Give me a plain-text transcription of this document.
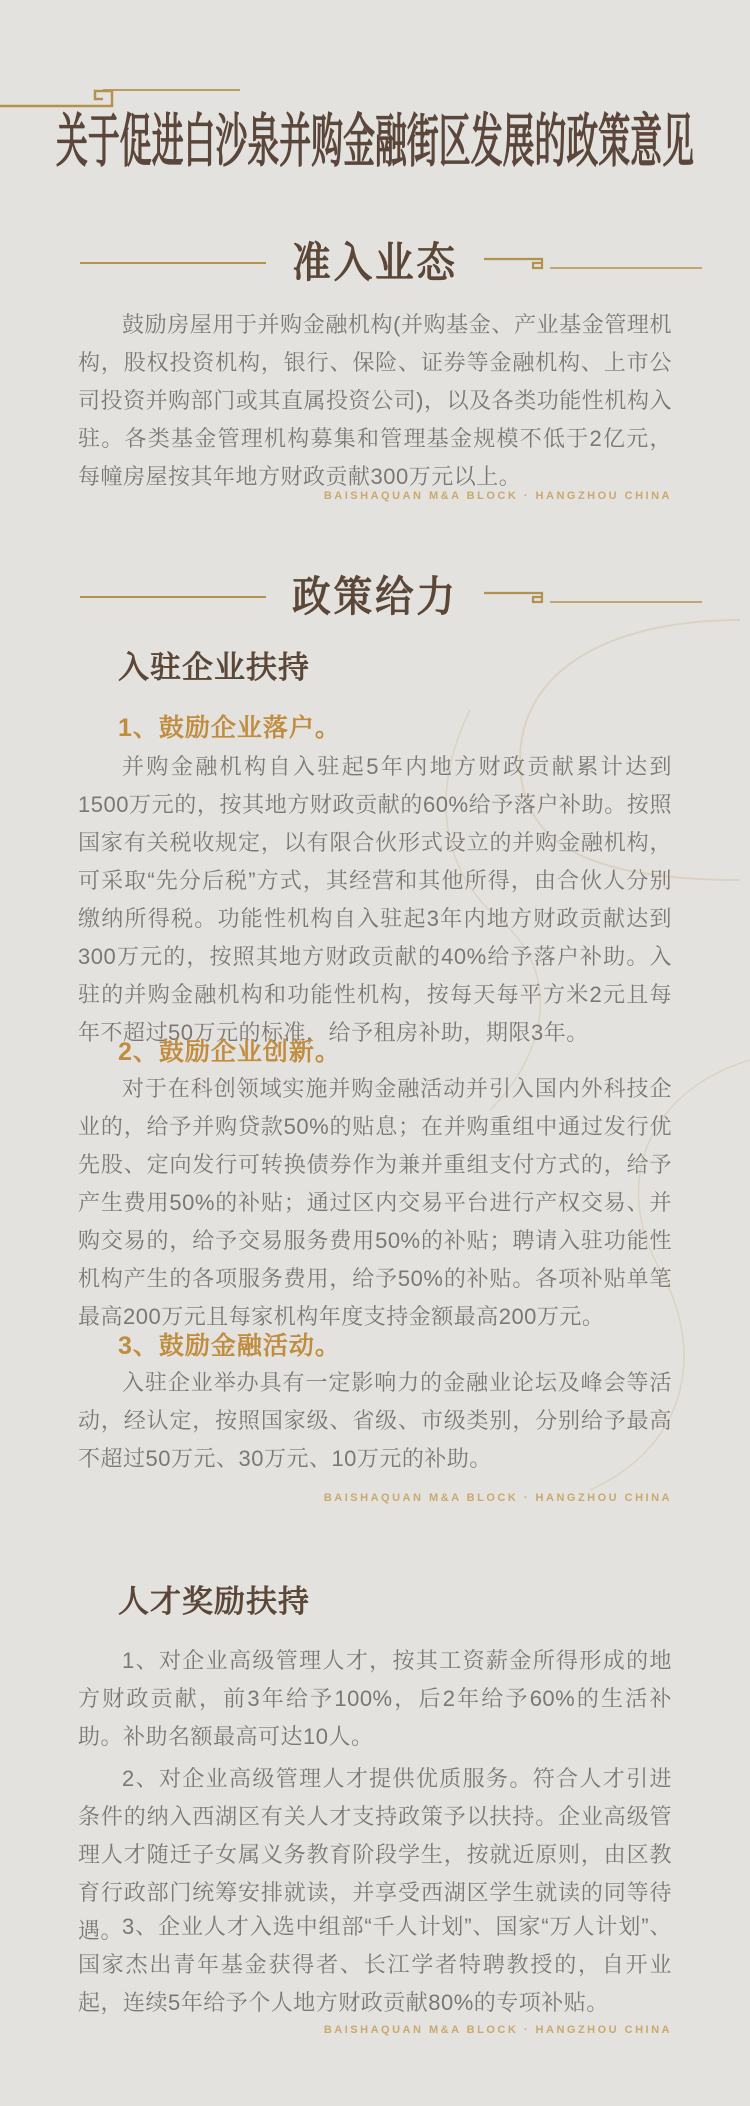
关于促进白沙泉并购金融街区发展的政策意见
准入业态

鼓励房屋用于并购金融机构(并购基金、产业基金管理机构，股权投资机构，银行、保险、证券等金融机构、上市公司投资并购部门或其直属投资公司)，以及各类功能性机构入驻。各类基金管理机构募集和管理基金规模不低于2亿元，每幢房屋按其年地方财政贡献300万元以上。

BAISHAQUAN M&A BLOCK · HANGZHOU CHINA
政策给力
入驻企业扶持
1、鼓励企业落户。

并购金融机构自入驻起5年内地方财政贡献累计达到1500万元的，按其地方财政贡献的60%给予落户补助。按照国家有关税收规定，以有限合伙形式设立的并购金融机构，可采取“先分后税”方式，其经营和其他所得，由合伙人分别缴纳所得税。功能性机构自入驻起3年内地方财政贡献达到300万元的，按照其地方财政贡献的40%给予落户补助。入驻的并购金融机构和功能性机构，按每天每平方米2元且每年不超过50万元的标准，给予租房补助，期限3年。

2、鼓励企业创新。

对于在科创领域实施并购金融活动并引入国内外科技企业的，给予并购贷款50%的贴息；在并购重组中通过发行优先股、定向发行可转换债券作为兼并重组支付方式的，给予产生费用50%的补贴；通过区内交易平台进行产权交易、并购交易的，给予交易服务费用50%的补贴；聘请入驻功能性机构产生的各项服务费用，给予50%的补贴。各项补贴单笔最高200万元且每家机构年度支持金额最高200万元。

3、鼓励金融活动。

入驻企业举办具有一定影响力的金融业论坛及峰会等活动，经认定，按照国家级、省级、市级类别，分别给予最高不超过50万元、30万元、10万元的补助。

BAISHAQUAN M&A BLOCK · HANGZHOU CHINA
人才奖励扶持

1、对企业高级管理人才，按其工资薪金所得形成的地方财政贡献，前3年给予100%，后2年给予60%的生活补助。补助名额最高可达10人。

2、对企业高级管理人才提供优质服务。符合人才引进条件的纳入西湖区有关人才支持政策予以扶持。企业高级管理人才随迁子女属义务教育阶段学生，按就近原则，由区教育行政部门统筹安排就读，并享受西湖区学生就读的同等待遇。

3、企业人才入选中组部“千人计划”、国家“万人计划”、国家杰出青年基金获得者、长江学者特聘教授的，自开业起，连续5年给予个人地方财政贡献80%的专项补贴。

BAISHAQUAN M&A BLOCK · HANGZHOU CHINA
